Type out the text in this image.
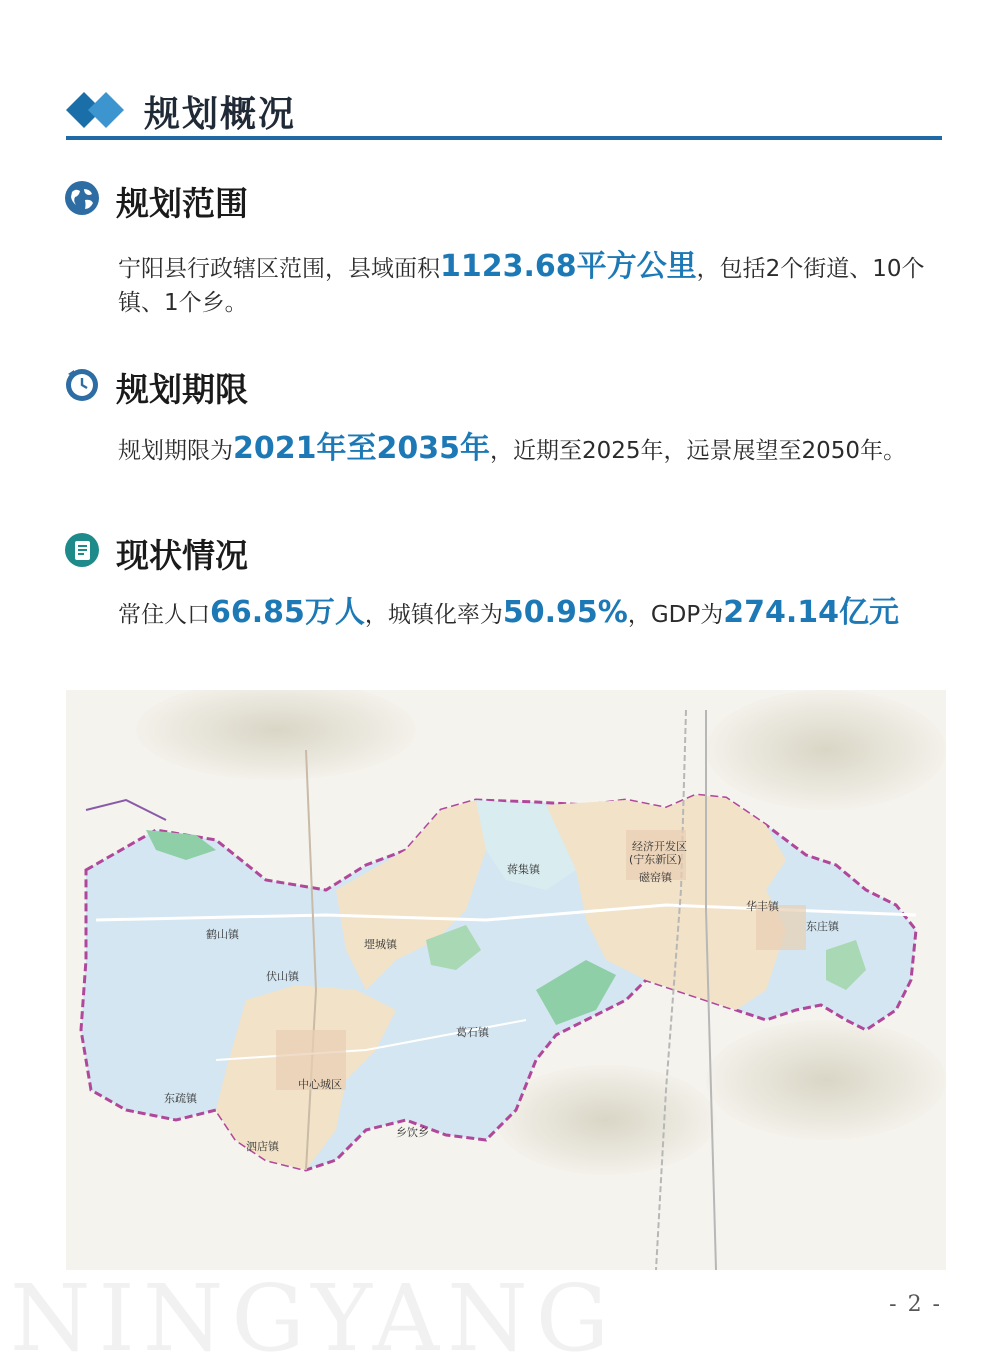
规划概况
规划范围
宁阳县行政辖区范围，县域面积1123.68平方公里，包括2个街道、10个镇、1个乡。
规划期限
规划期限为2021年至2035年，近期至2025年，远景展望至2050年。
现状情况
常住人口66.85万人，城镇化率为50.95%，GDP为274.14亿元
鹤山镇
伏山镇
堽城镇
蒋集镇
经济开发区
(宁东新区)
磁窑镇
华丰镇
东庄镇
葛石镇
中心城区
东疏镇
泗店镇
乡饮乡
NINGYANG	- 2 -
